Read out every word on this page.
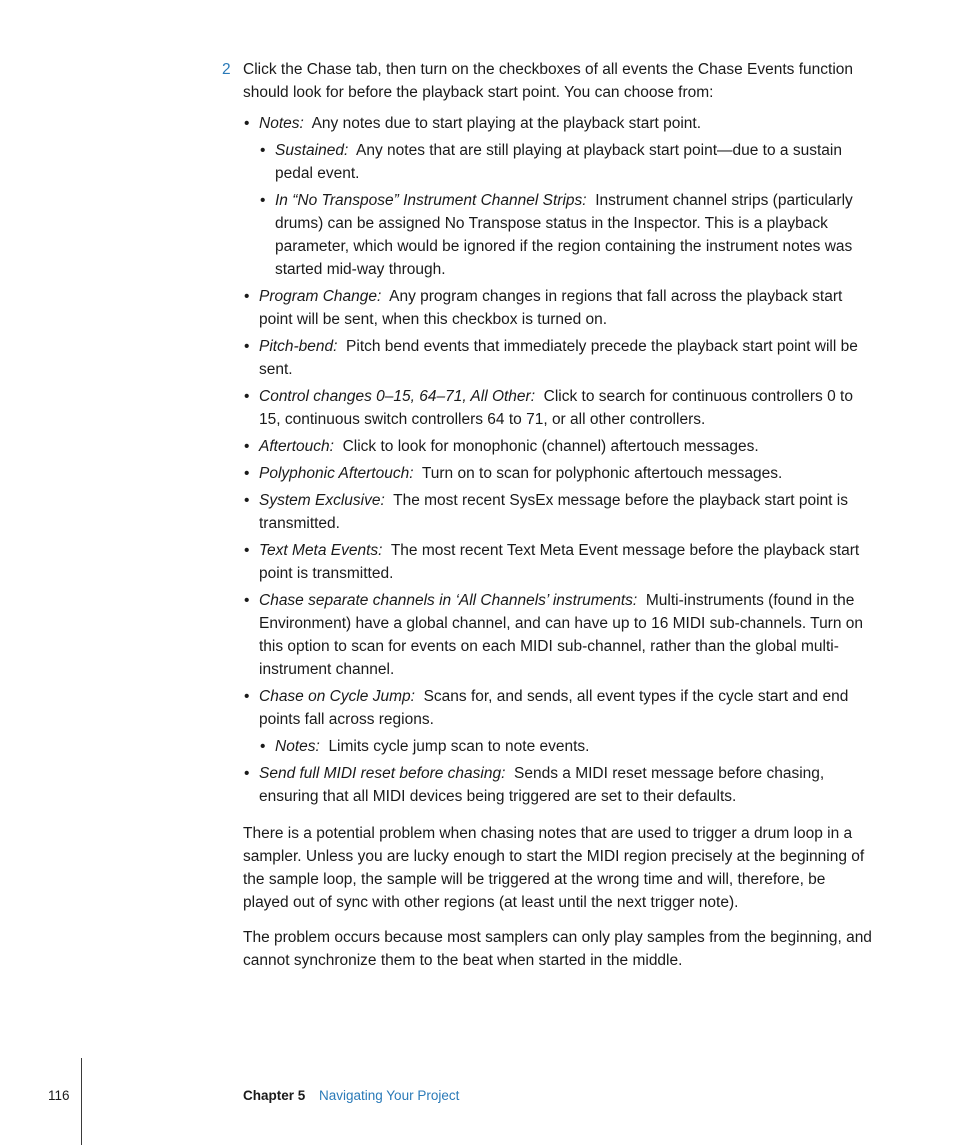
2 Click the Chase tab, then turn on the checkboxes of all events the Chase Events function should look for before the playback start point. You can choose from:
• Notes: Any notes due to start playing at the playback start point.
• Sustained: Any notes that are still playing at playback start point—due to a sustain pedal event.
• In “No Transpose” Instrument Channel Strips: Instrument channel strips (particularly drums) can be assigned No Transpose status in the Inspector. This is a playback parameter, which would be ignored if the region containing the instrument notes was started mid-way through.
• Program Change: Any program changes in regions that fall across the playback start point will be sent, when this checkbox is turned on.
• Pitch-bend: Pitch bend events that immediately precede the playback start point will be sent.
• Control changes 0–15, 64–71, All Other: Click to search for continuous controllers 0 to 15, continuous switch controllers 64 to 71, or all other controllers.
• Aftertouch: Click to look for monophonic (channel) aftertouch messages.
• Polyphonic Aftertouch: Turn on to scan for polyphonic aftertouch messages.
• System Exclusive: The most recent SysEx message before the playback start point is transmitted.
• Text Meta Events: The most recent Text Meta Event message before the playback start point is transmitted.
• Chase separate channels in ‘All Channels’ instruments: Multi-instruments (found in the Environment) have a global channel, and can have up to 16 MIDI sub-channels. Turn on this option to scan for events on each MIDI sub-channel, rather than the global multi-instrument channel.
• Chase on Cycle Jump: Scans for, and sends, all event types if the cycle start and end points fall across regions.
• Notes: Limits cycle jump scan to note events.
• Send full MIDI reset before chasing: Sends a MIDI reset message before chasing, ensuring that all MIDI devices being triggered are set to their defaults.

There is a potential problem when chasing notes that are used to trigger a drum loop in a sampler. Unless you are lucky enough to start the MIDI region precisely at the beginning of the sample loop, the sample will be triggered at the wrong time and will, therefore, be played out of sync with other regions (at least until the next trigger note).

The problem occurs because most samplers can only play samples from the beginning, and cannot synchronize them to the beat when started in the middle.

116	Chapter 5 Navigating Your Project
